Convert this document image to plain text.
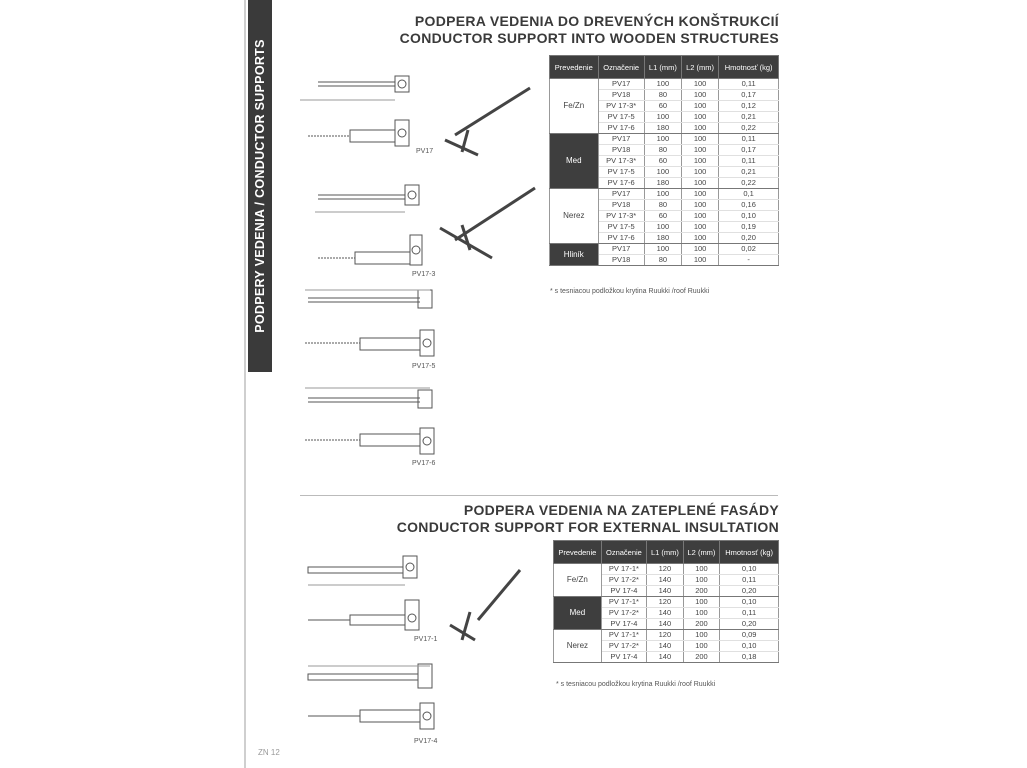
PODPERY VEDENIA / CONDUCTOR SUPPORTS
PODPERA VEDENIA DO DREVENÝCH KONŠTRUKCIÍ
CONDUCTOR SUPPORT INTO WOODEN STRUCTURES
Prevedenie	Označenie	L1 (mm)	L2 (mm)	Hmotnosť (kg)
Fe/Zn	PV17	100	100	0,11
	PV18	80	100	0,17
	PV 17-3*	60	100	0,12
	PV 17-5	100	100	0,21
	PV 17-6	180	100	0,22
Med	PV17	100	100	0,11
	PV18	80	100	0,17
	PV 17-3*	60	100	0,11
	PV 17-5	100	100	0,21
	PV 17-6	180	100	0,22
Nerez	PV17	100	100	0,1
	PV18	80	100	0,16
	PV 17-3*	60	100	0,10
	PV 17-5	100	100	0,19
	PV 17-6	180	100	0,20
Hliník	PV17	100	100	0,02
	PV18	80	100	-
* s tesniacou podložkou krytina Ruukki /roof Ruukki
PODPERA VEDENIA NA ZATEPLENÉ FASÁDY
CONDUCTOR SUPPORT FOR EXTERNAL INSULTATION
Prevedenie	Označenie	L1 (mm)	L2 (mm)	Hmotnosť (kg)
Fe/Zn	PV 17-1*	120	100	0,10
	PV 17-2*	140	100	0,11
	PV 17-4	140	200	0,20
Med	PV 17-1*	120	100	0,10
	PV 17-2*	140	100	0,11
	PV 17-4	140	200	0,20
Nerez	PV 17-1*	120	100	0,09
	PV 17-2*	140	100	0,10
	PV 17-4	140	200	0,18
* s tesniacou podložkou krytina Ruukki /roof Ruukki
PV17
PV17-3
PV17-5
PV17-6
PV17-1
PV17-4
ZN 12
